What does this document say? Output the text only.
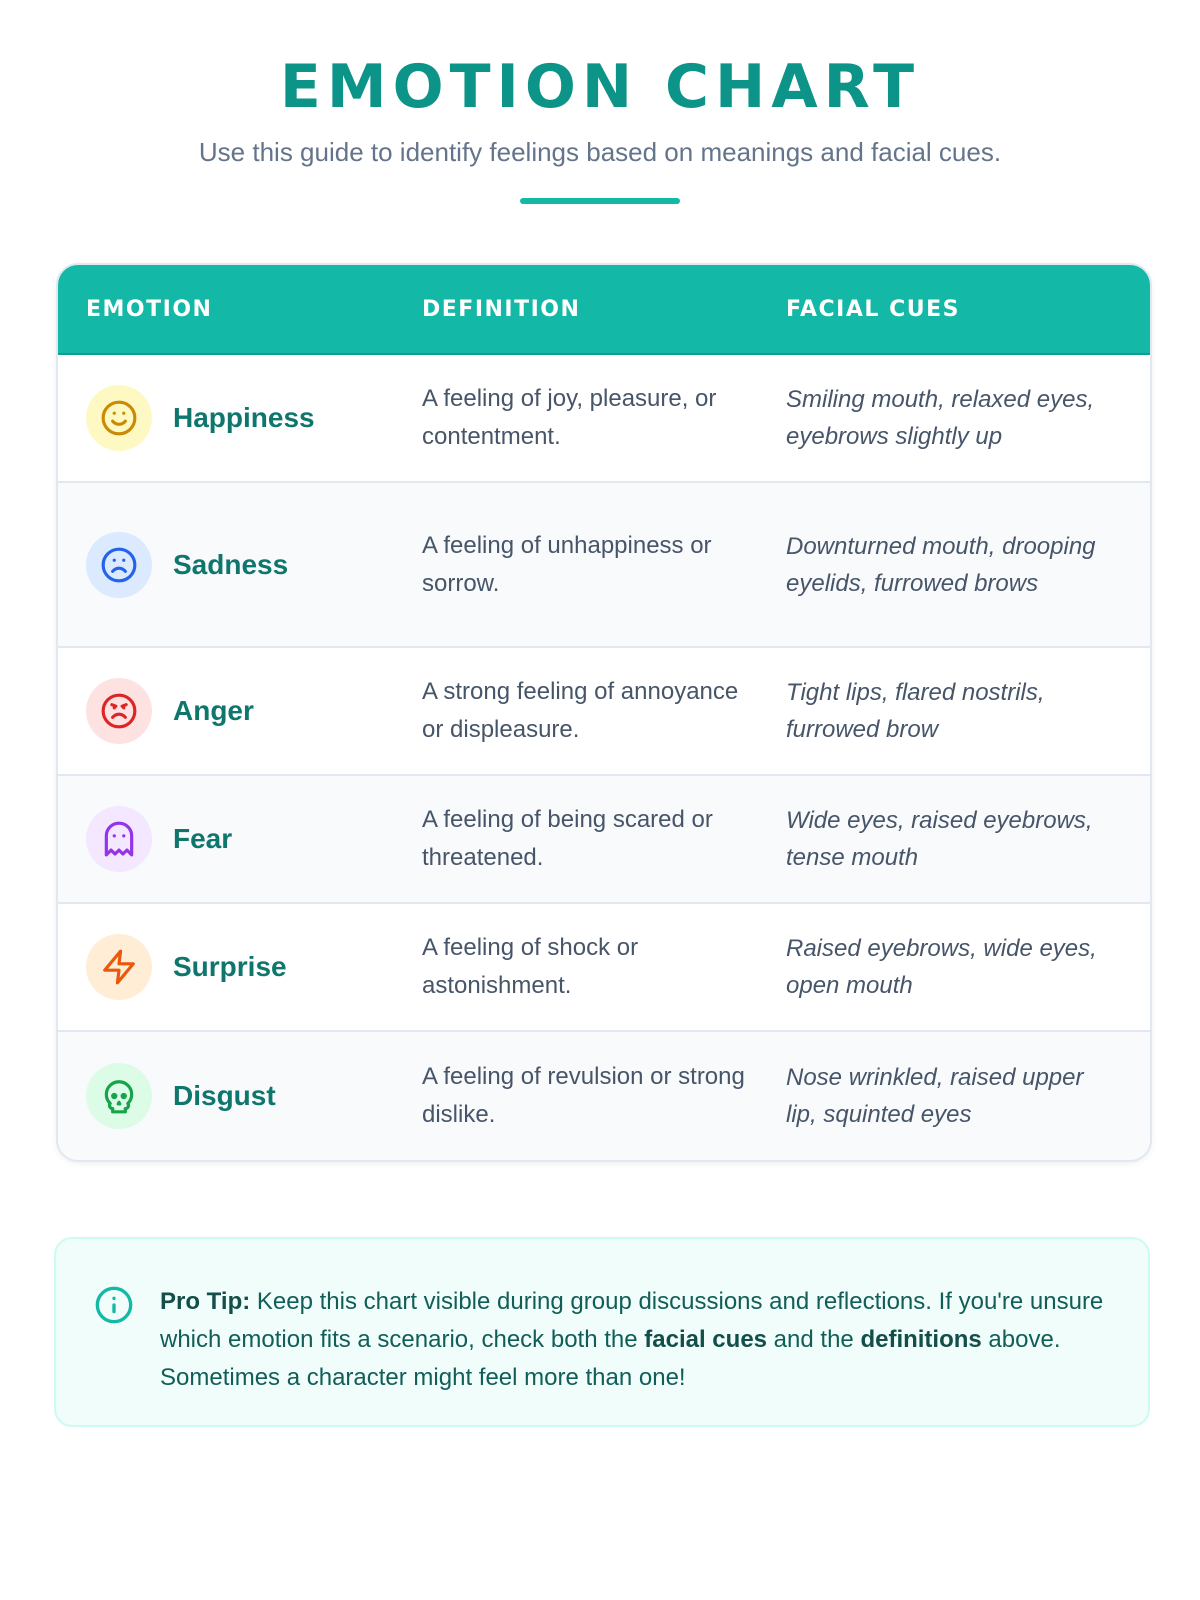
EMOTION CHART
Use this guide to identify feelings based on meanings and facial cues.
EMOTION	DEFINITION	FACIAL CUES
Happiness
A feeling of joy, pleasure, or contentment.
Smiling mouth, relaxed eyes, eyebrows slightly up
Sadness
A feeling of unhappiness or sorrow.
Downturned mouth, drooping eyelids, furrowed brows
Anger
A strong feeling of annoyance or displeasure.
Tight lips, flared nostrils, furrowed brow
Fear
A feeling of being scared or threatened.
Wide eyes, raised eyebrows, tense mouth
Surprise
A feeling of shock or astonishment.
Raised eyebrows, wide eyes, open mouth
Disgust
A feeling of revulsion or strong dislike.
Nose wrinkled, raised upper lip, squinted eyes
Pro Tip: Keep this chart visible during group discussions and reflections. If you're unsure which emotion fits a scenario, check both the facial cues and the definitions above. Sometimes a character might feel more than one!
